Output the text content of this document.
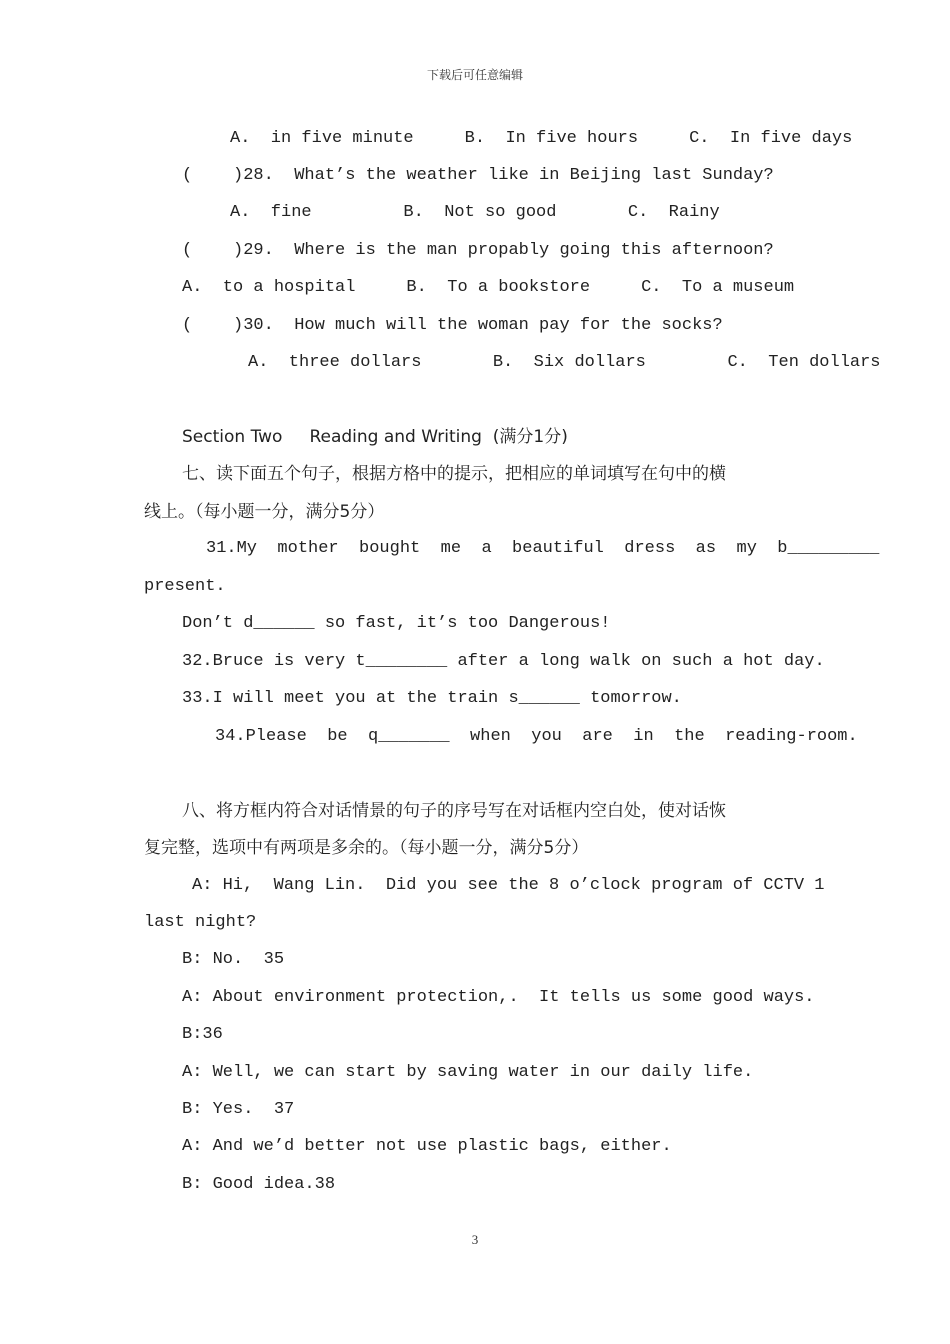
下载后可任意编辑
A.  in five minute     B.  In five hours     C.  In five days
(    )28.  What’s the weather like in Beijing last Sunday?
A.  fine         B.  Not so good       C.  Rainy
(    )29.  Where is the man propably going this afternoon?
A.  to a hospital     B.  To a bookstore     C.  To a museum
(    )30.  How much will the woman pay for the socks?
A.  three dollars       B.  Six dollars        C.  Ten dollars
Section Two     Reading and Writing  (满分1分)
七、读下面五个句子，根据方格中的提示，把相应的单词填写在句中的横
线上。（每小题一分，满分5分）
31.My  mother  bought  me  a  beautiful  dress  as  my  b_________
present.
Don’t d______ so fast, it’s too Dangerous!
32.Bruce is very t________ after a long walk on such a hot day.
33.I will meet you at the train s______ tomorrow.
34.Please  be  q_______  when  you  are  in  the  reading-room.
八、将方框内符合对话情景的句子的序号写在对话框内空白处，使对话恢
复完整，选项中有两项是多余的。（每小题一分，满分5分）
A: Hi,  Wang Lin.  Did you see the 8 o’clock program of CCTV 1
last night?
B: No.  35
A: About environment protection,.  It tells us some good ways.
B:36
A: Well, we can start by saving water in our daily life.
B: Yes.  37
A: And we’d better not use plastic bags, either.
B: Good idea.38
3
